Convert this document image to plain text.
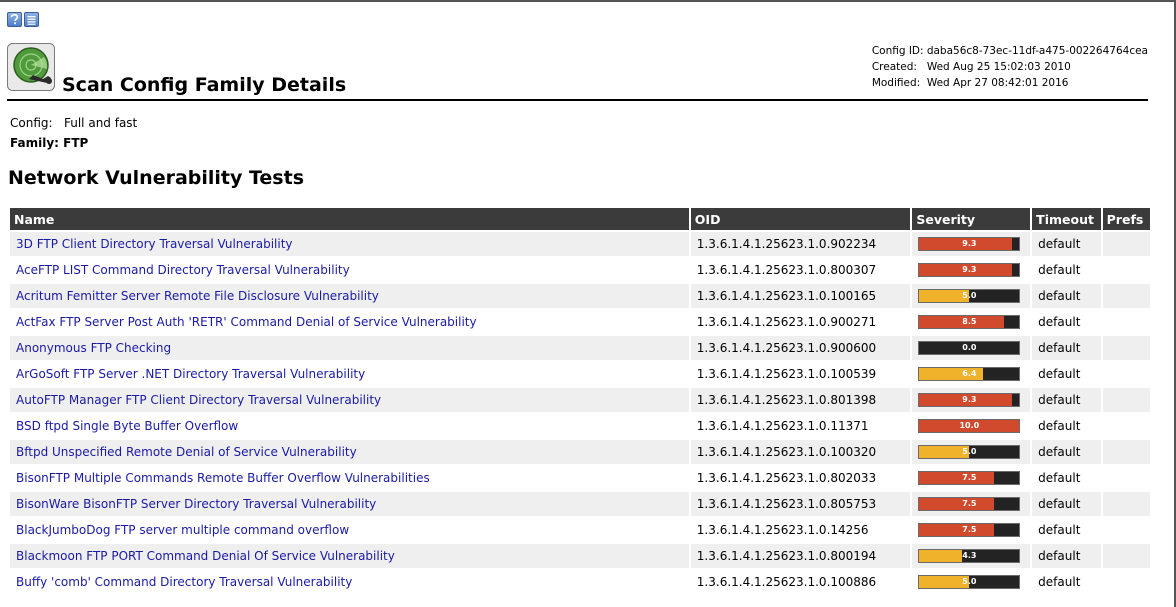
Scan Config Family Details
Config ID: daba56c8-73ec-11df-a475-002264764cea
Created: Wed Aug 25 15:02:03 2010
Modified: Wed Apr 27 08:42:01 2016
Config: Full and fast
Family: FTP
Network Vulnerability Tests
Name	OID	Severity	Timeout	Prefs
3D FTP Client Directory Traversal Vulnerability	1.3.6.1.4.1.25623.1.0.902234	9.3	default	
AceFTP LIST Command Directory Traversal Vulnerability	1.3.6.1.4.1.25623.1.0.800307	9.3	default	
Acritum Femitter Server Remote File Disclosure Vulnerability	1.3.6.1.4.1.25623.1.0.100165	5.0	default	
ActFax FTP Server Post Auth 'RETR' Command Denial of Service Vulnerability	1.3.6.1.4.1.25623.1.0.900271	8.5	default	
Anonymous FTP Checking	1.3.6.1.4.1.25623.1.0.900600	0.0	default	
ArGoSoft FTP Server .NET Directory Traversal Vulnerability	1.3.6.1.4.1.25623.1.0.100539	6.4	default	
AutoFTP Manager FTP Client Directory Traversal Vulnerability	1.3.6.1.4.1.25623.1.0.801398	9.3	default	
BSD ftpd Single Byte Buffer Overflow	1.3.6.1.4.1.25623.1.0.11371	10.0	default	
Bftpd Unspecified Remote Denial of Service Vulnerability	1.3.6.1.4.1.25623.1.0.100320	5.0	default	
BisonFTP Multiple Commands Remote Buffer Overflow Vulnerabilities	1.3.6.1.4.1.25623.1.0.802033	7.5	default	
BisonWare BisonFTP Server Directory Traversal Vulnerability	1.3.6.1.4.1.25623.1.0.805753	7.5	default	
BlackJumboDog FTP server multiple command overflow	1.3.6.1.4.1.25623.1.0.14256	7.5	default	
Blackmoon FTP PORT Command Denial Of Service Vulnerability	1.3.6.1.4.1.25623.1.0.800194	4.3	default	
Buffy 'comb' Command Directory Traversal Vulnerability	1.3.6.1.4.1.25623.1.0.100886	5.0	default	
